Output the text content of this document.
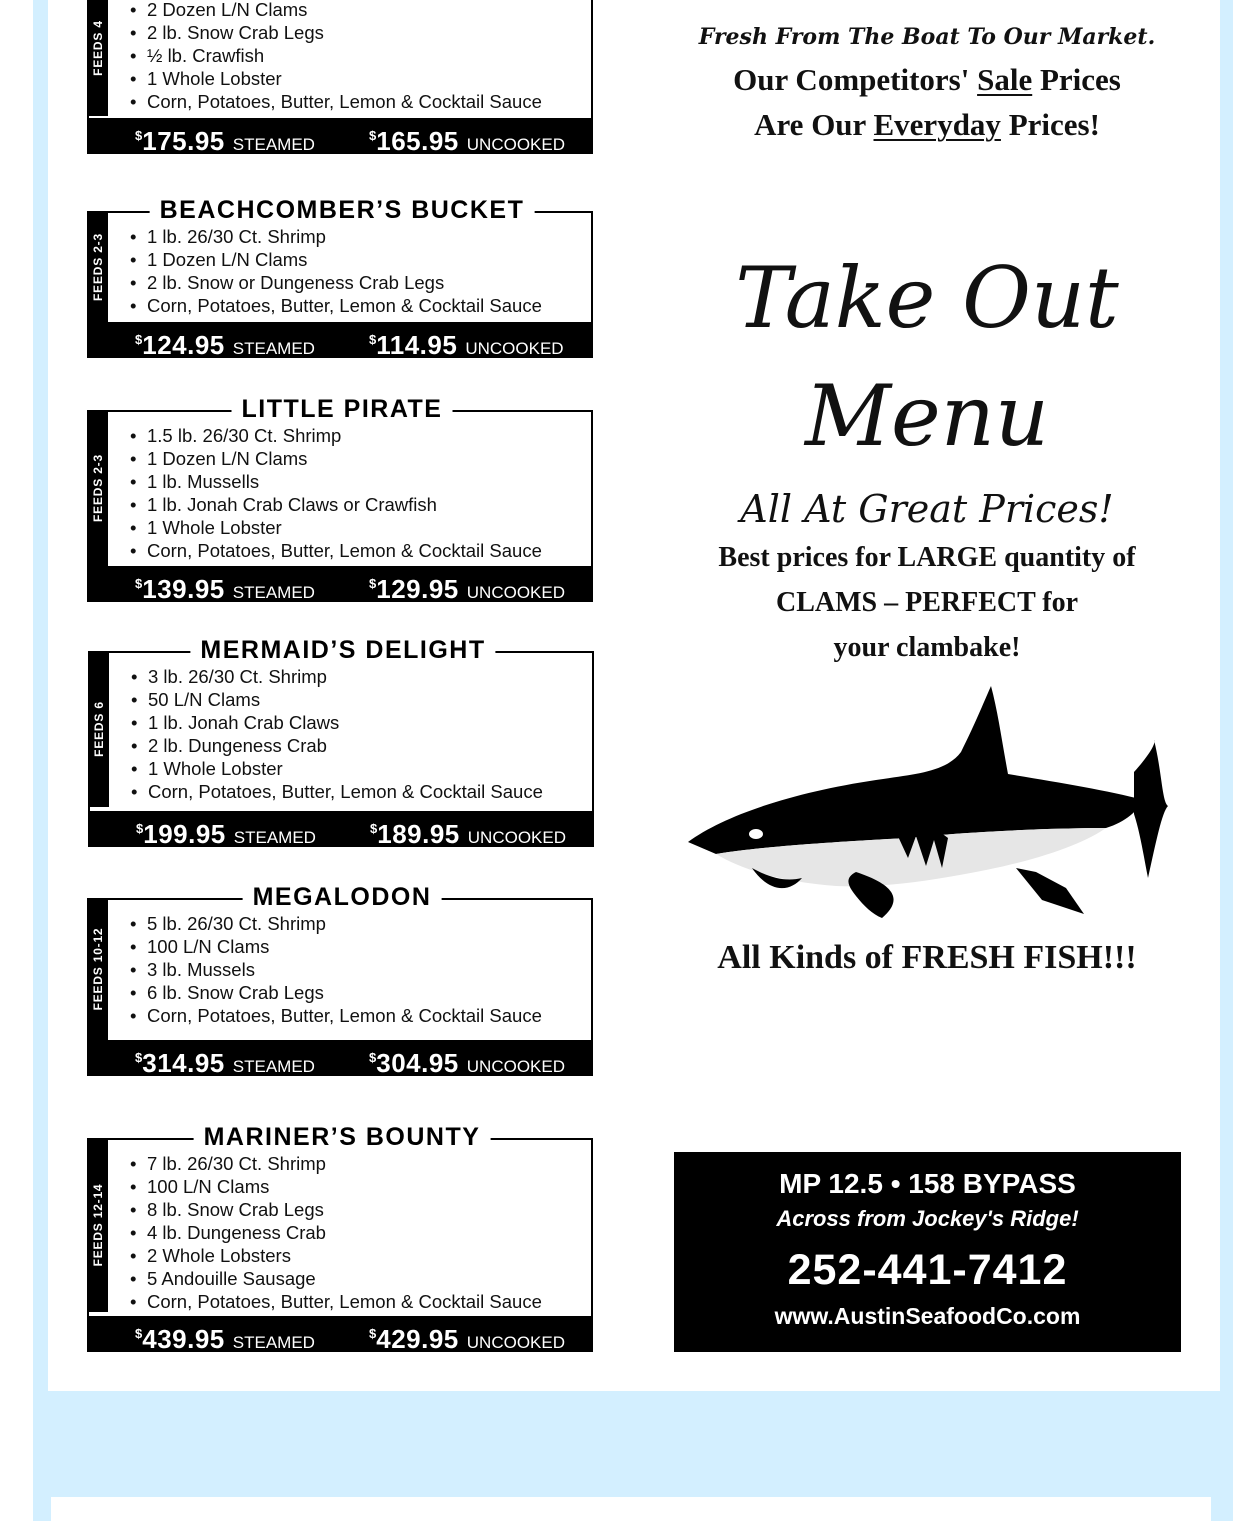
FEEDS 4
• 2 Dozen L/N Clams
• 2 lb. Snow Crab Legs
• ½ lb. Crawfish
• 1 Whole Lobster
• Corn, Potatoes, Butter, Lemon & Cocktail Sauce
$175.95 STEAMED	$165.95 UNCOOKED
BEACHCOMBER’S BUCKET
FEEDS 2-3
•	1 lb. 26/30 Ct. Shrimp
• 1 Dozen L/N Clams
• 2 lb. Snow or Dungeness Crab Legs
• Corn, Potatoes, Butter, Lemon & Cocktail Sauce
$124.95 STEAMED	$114.95 UNCOOKED
LITTLE PIRATE
FEEDS 2-3
• 1.5 lb. 26/30 Ct. Shrimp
• 1 Dozen L/N Clams
• 1 lb. Mussells
• 1 lb. Jonah Crab Claws or Crawfish
• 1 Whole Lobster
• Corn, Potatoes, Butter, Lemon & Cocktail Sauce
$139.95 STEAMED	$129.95 UNCOOKED
MERMAID’S DELIGHT
FEEDS 6
• 3 lb. 26/30 Ct. Shrimp
• 50 L/N Clams
• 1 lb. Jonah Crab Claws
• 2 lb. Dungeness Crab
• 1 Whole Lobster
• Corn, Potatoes, Butter, Lemon & Cocktail Sauce
$199.95 STEAMED	$189.95 UNCOOKED
MEGALODON
FEEDS 10-12
• 5 lb. 26/30 Ct. Shrimp
• 100 L/N Clams
• 3 lb. Mussels
• 6 lb. Snow Crab Legs
• Corn, Potatoes, Butter, Lemon & Cocktail Sauce
$314.95 STEAMED	$304.95 UNCOOKED
MARINER’S BOUNTY
FEEDS 12-14
• 7 lb. 26/30 Ct. Shrimp
• 100 L/N Clams
• 8 lb. Snow Crab Legs
• 4 lb. Dungeness Crab
• 2 Whole Lobsters
• 5 Andouille Sausage
• Corn, Potatoes, Butter, Lemon & Cocktail Sauce
$439.95 STEAMED	$429.95 UNCOOKED
Fresh From The Boat To Our Market.
Our Competitors' Sale Prices
Are Our Everyday Prices!
Take Out
Menu
All At Great Prices!
Best prices for LARGE quantity of
CLAMS – PERFECT for
your clambake!
All Kinds of FRESH FISH!!!
MP 12.5 • 158 BYPASS
Across from Jockey's Ridge!
252-441-7412
www.AustinSeafoodCo.com
